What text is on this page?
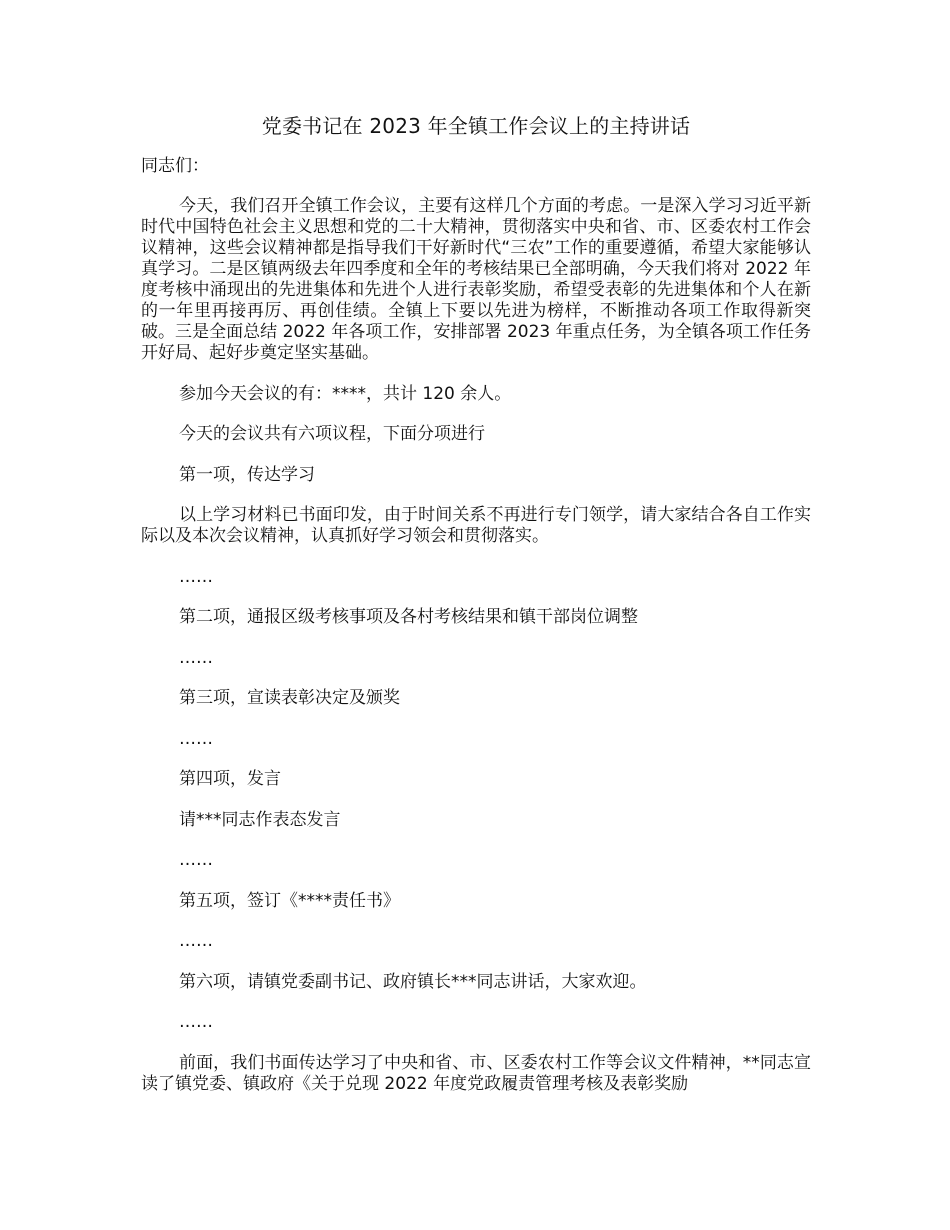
党委书记在 2023 年全镇工作会议上的主持讲话

同志们：

今天，我们召开全镇工作会议，主要有这样几个方面的考虑。一是深入学习习近平新时代中国特色社会主义思想和党的二十大精神，贯彻落实中央和省、市、区委农村工作会议精神，这些会议精神都是指导我们干好新时代“三农”工作的重要遵循，希望大家能够认真学习。二是区镇两级去年四季度和全年的考核结果已全部明确，今天我们将对 2022 年度考核中涌现出的先进集体和先进个人进行表彰奖励，希望受表彰的先进集体和个人在新的一年里再接再厉、再创佳绩。全镇上下要以先进为榜样，不断推动各项工作取得新突破。三是全面总结 2022 年各项工作，安排部署 2023 年重点任务，为全镇各项工作任务开好局、起好步奠定坚实基础。

参加今天会议的有：****，共计 120 余人。

今天的会议共有六项议程，下面分项进行

第一项，传达学习

以上学习材料已书面印发，由于时间关系不再进行专门领学，请大家结合各自工作实际以及本次会议精神，认真抓好学习领会和贯彻落实。

……

第二项，通报区级考核事项及各村考核结果和镇干部岗位调整

……

第三项，宣读表彰决定及颁奖

……

第四项，发言

请***同志作表态发言

……

第五项，签订《****责任书》

……

第六项，请镇党委副书记、政府镇长***同志讲话，大家欢迎。

……

前面，我们书面传达学习了中央和省、市、区委农村工作等会议文件精神，**同志宣读了镇党委、镇政府《关于兑现 2022 年度党政履责管理考核及表彰奖励
